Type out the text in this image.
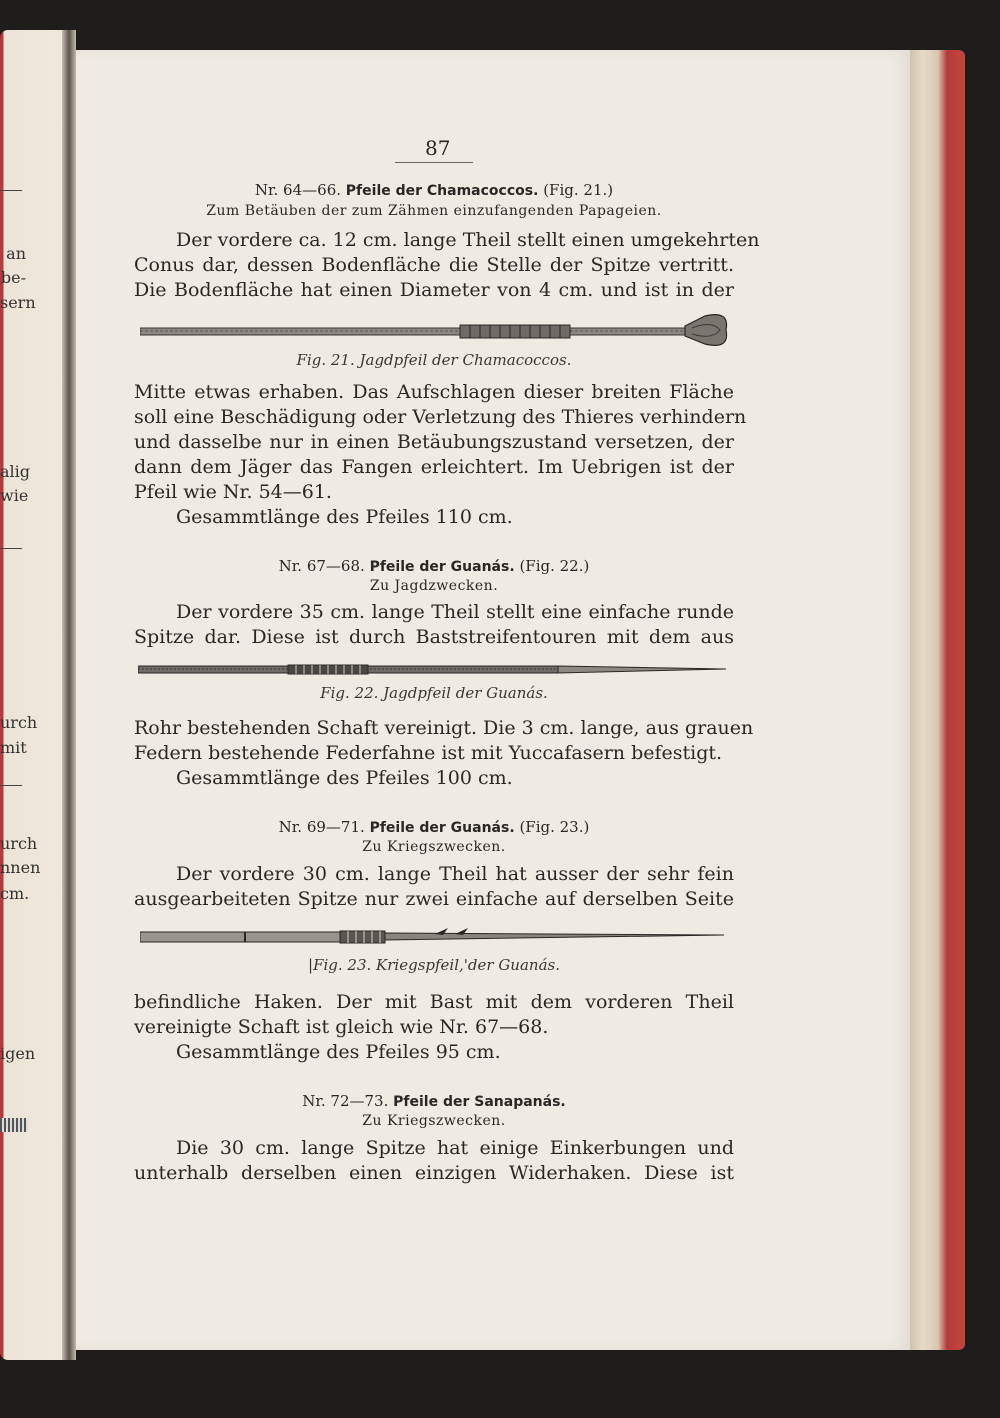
an
be-
sern
alig
wie
urch
mit
urch
nnen
cm.
igen
87
Nr. 64—66. Pfeile der Chamacoccos. (Fig. 21.)
Zum Betäuben der zum Zähmen einzufangenden Papageien.
Der vordere ca. 12 cm. lange Theil stellt einen umgekehrten
Conus dar, dessen Bodenfläche die Stelle der Spitze vertritt.
Die Bodenfläche hat einen Diameter von 4 cm. und ist in der
Fig. 21. Jagdpfeil der Chamacoccos.
Mitte etwas erhaben. Das Aufschlagen dieser breiten Fläche
soll eine Beschädigung oder Verletzung des Thieres verhindern
und dasselbe nur in einen Betäubungszustand versetzen, der
dann dem Jäger das Fangen erleichtert. Im Uebrigen ist der
Pfeil wie Nr. 54—61.
Gesammtlänge des Pfeiles 110 cm.
Nr. 67—68. Pfeile der Guanás. (Fig. 22.)
Zu Jagdzwecken.
Der vordere 35 cm. lange Theil stellt eine einfache runde
Spitze dar. Diese ist durch Baststreifentouren mit dem aus
Fig. 22. Jagdpfeil der Guanás.
Rohr bestehenden Schaft vereinigt. Die 3 cm. lange, aus grauen
Federn bestehende Federfahne ist mit Yuccafasern befestigt.
Gesammtlänge des Pfeiles 100 cm.
Nr. 69—71. Pfeile der Guanás. (Fig. 23.)
Zu Kriegszwecken.
Der vordere 30 cm. lange Theil hat ausser der sehr fein
ausgearbeiteten Spitze nur zwei einfache auf derselben Seite
|Fig. 23. Kriegspfeil,'der Guanás.
befindliche Haken. Der mit Bast mit dem vorderen Theil
vereinigte Schaft ist gleich wie Nr. 67—68.
Gesammtlänge des Pfeiles 95 cm.
Nr. 72—73. Pfeile der Sanapanás.
Zu Kriegszwecken.
Die 30 cm. lange Spitze hat einige Einkerbungen und
unterhalb derselben einen einzigen Widerhaken. Diese ist
